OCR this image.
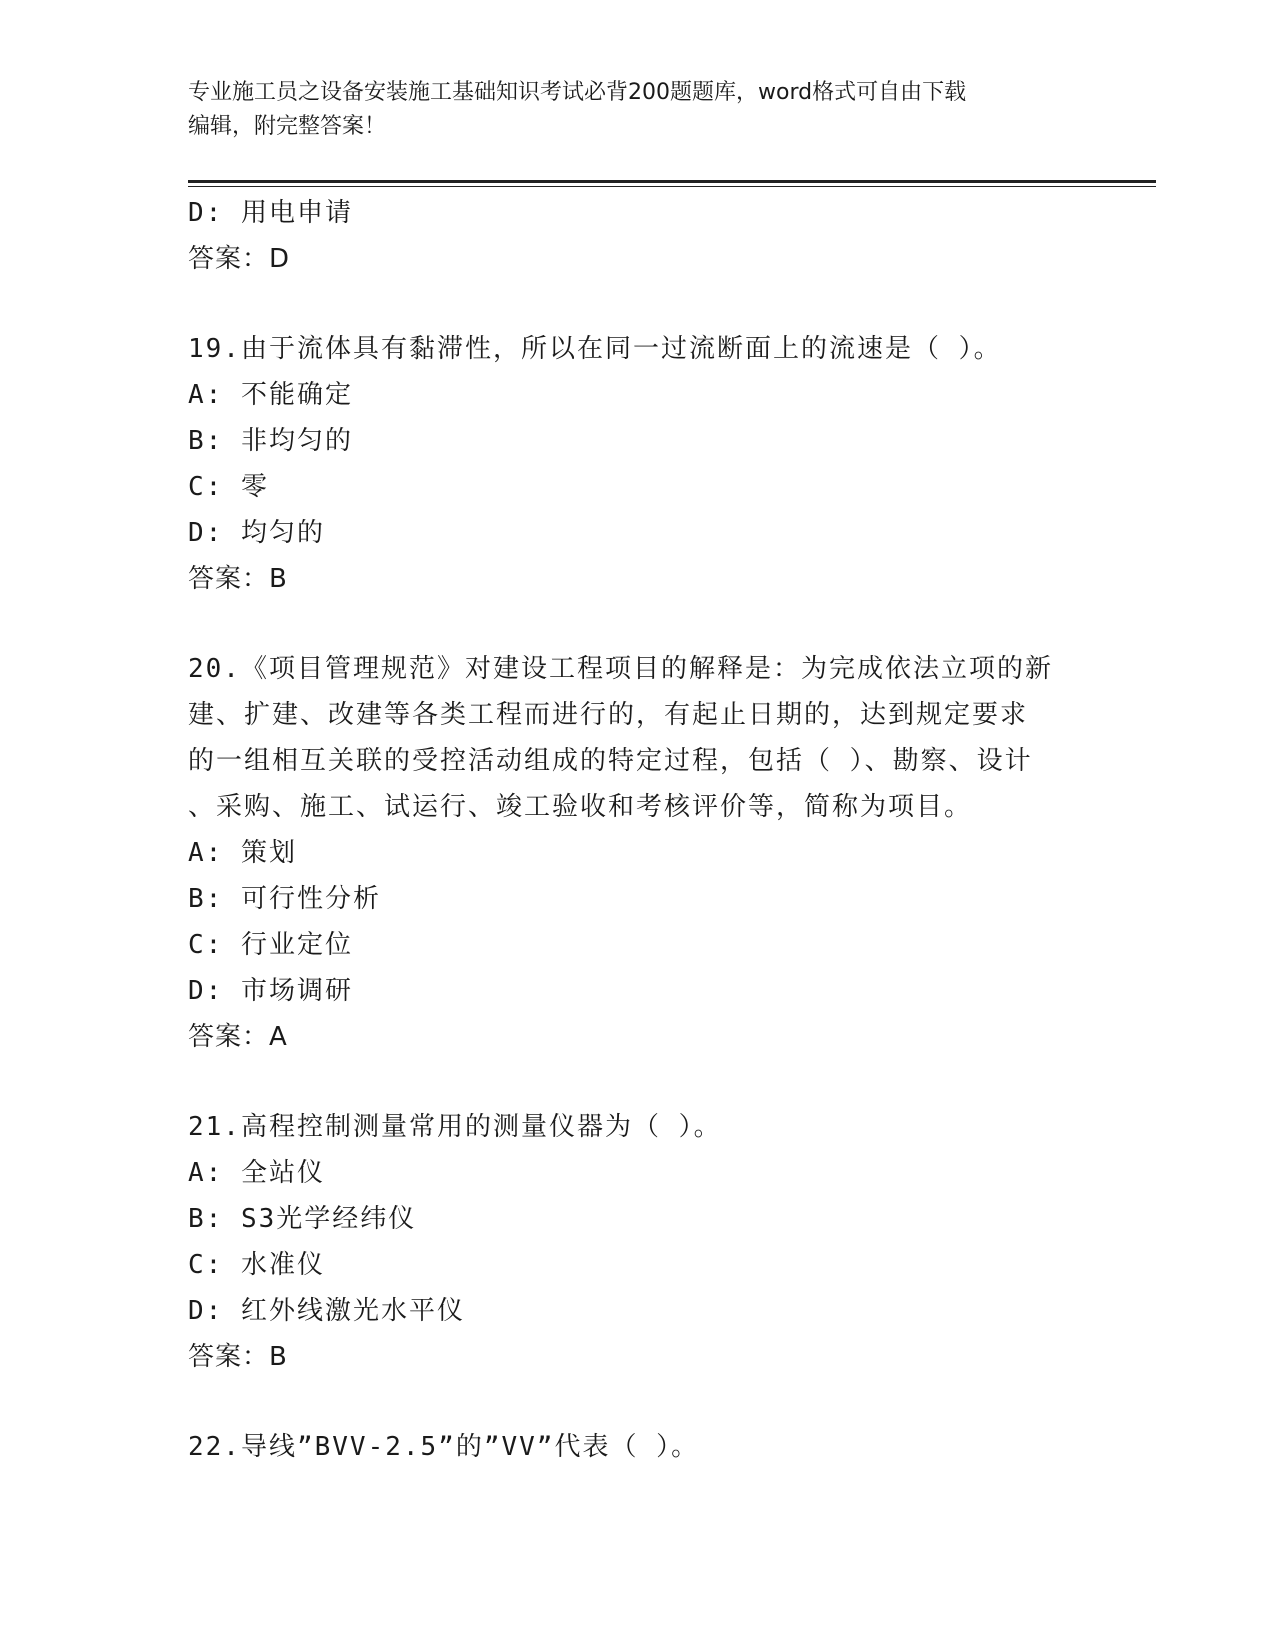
专业施工员之设备安装施工基础知识考试必背200题题库，word格式可自由下载
编辑，附完整答案！
D: 用电申请
答案：D
19.由于流体具有黏滞性，所以在同一过流断面上的流速是（ ）。
A: 不能确定
B: 非均匀的
C: 零
D: 均匀的
答案：B
20.《项目管理规范》对建设工程项目的解释是：为完成依法立项的新
建、扩建、改建等各类工程而进行的，有起止日期的，达到规定要求
的一组相互关联的受控活动组成的特定过程，包括（ ）、勘察、设计
、采购、施工、试运行、竣工验收和考核评价等，简称为项目。
A: 策划
B: 可行性分析
C: 行业定位
D: 市场调研
答案：A
21.高程控制测量常用的测量仪器为（ ）。
A: 全站仪
B: S3光学经纬仪
C: 水准仪
D: 红外线激光水平仪
答案：B
22.导线”BVV-2.5”的”VV”代表（ ）。
